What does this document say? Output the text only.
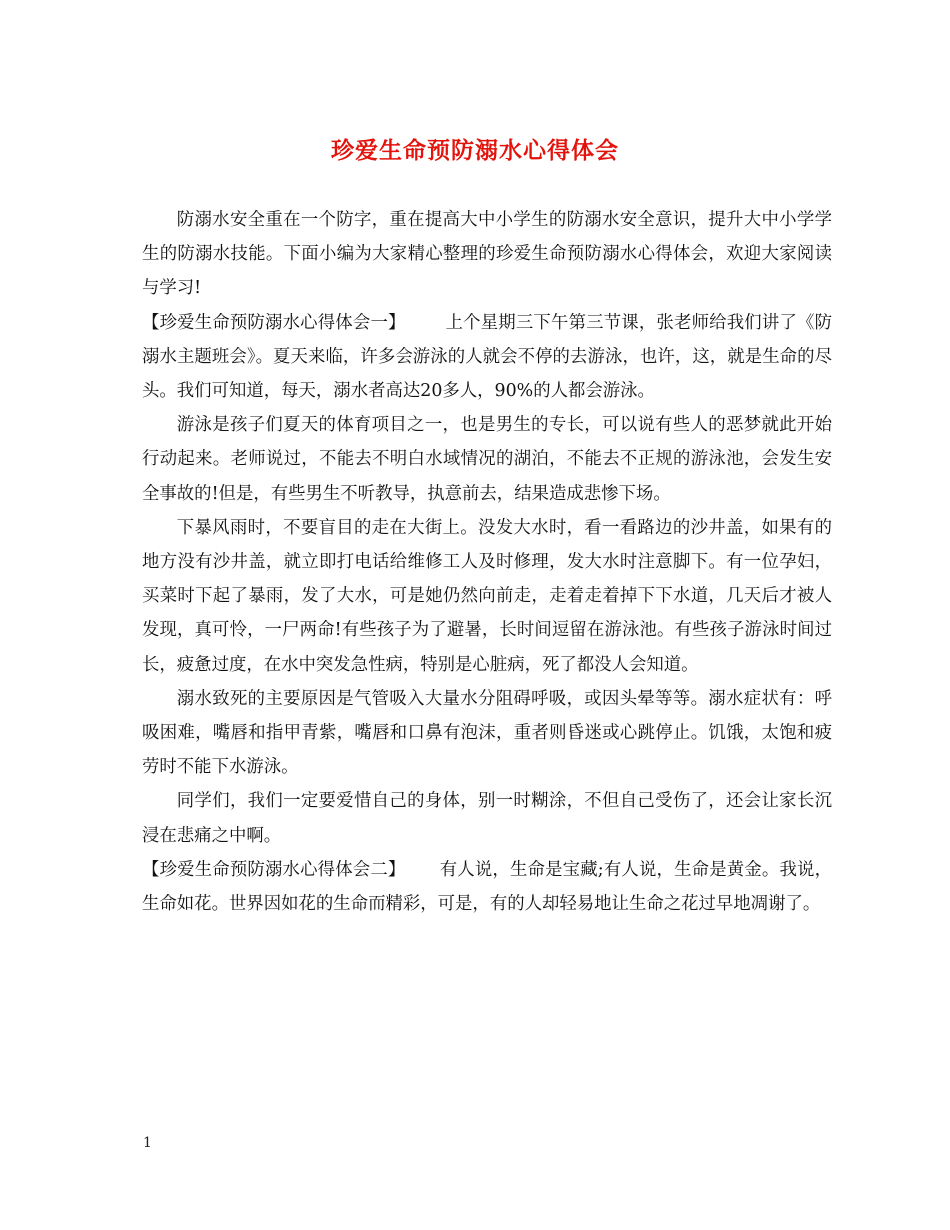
珍爱生命预防溺水心得体会

防溺水安全重在一个防字，重在提高大中小学生的防溺水安全意识，提升大中小学学生的防溺水技能。下面小编为大家精心整理的珍爱生命预防溺水心得体会，欢迎大家阅读与学习!

【珍爱生命预防溺水心得体会一】 上个星期三下午第三节课，张老师给我们讲了《防溺水主题班会》。夏天来临，许多会游泳的人就会不停的去游泳，也许，这，就是生命的尽头。我们可知道，每天，溺水者高达20多人，90%的人都会游泳。

游泳是孩子们夏天的体育项目之一，也是男生的专长，可以说有些人的恶梦就此开始行动起来。老师说过，不能去不明白水域情况的湖泊，不能去不正规的游泳池，会发生安全事故的!但是，有些男生不听教导，执意前去，结果造成悲惨下场。

下暴风雨时，不要盲目的走在大街上。没发大水时，看一看路边的沙井盖，如果有的地方没有沙井盖，就立即打电话给维修工人及时修理，发大水时注意脚下。有一位孕妇，买菜时下起了暴雨，发了大水，可是她仍然向前走，走着走着掉下下水道，几天后才被人发现，真可怜，一尸两命!有些孩子为了避暑，长时间逗留在游泳池。有些孩子游泳时间过长，疲惫过度，在水中突发急性病，特别是心脏病，死了都没人会知道。

溺水致死的主要原因是气管吸入大量水分阻碍呼吸，或因头晕等等。溺水症状有：呼吸困难，嘴唇和指甲青紫，嘴唇和口鼻有泡沫，重者则昏迷或心跳停止。饥饿，太饱和疲劳时不能下水游泳。

同学们，我们一定要爱惜自己的身体，别一时糊涂，不但自己受伤了，还会让家长沉浸在悲痛之中啊。

【珍爱生命预防溺水心得体会二】 有人说，生命是宝藏;有人说，生命是黄金。我说，生命如花。世界因如花的生命而精彩，可是，有的人却轻易地让生命之花过早地凋谢了。

1
